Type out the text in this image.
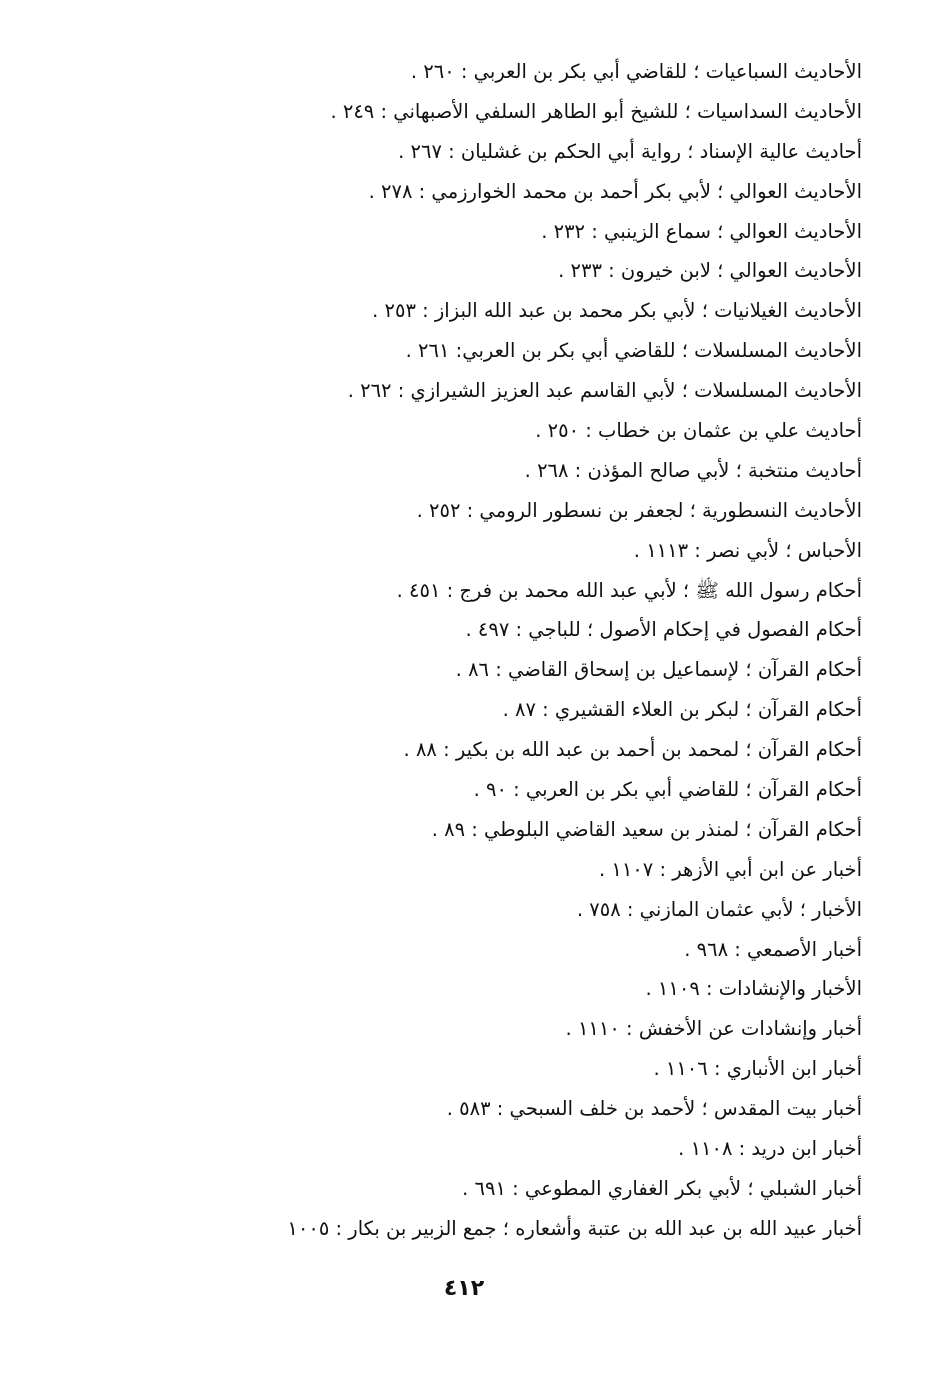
الأحاديث السباعيات ؛ للقاضي أبي بكر بن العربي : ٢٦٠ .
الأحاديث السداسيات ؛ للشيخ أبو الطاهر السلفي الأصبهاني : ٢٤٩ .
أحاديث عالية الإسناد ؛ رواية أبي الحكم بن غشليان : ٢٦٧ .
الأحاديث العوالي ؛ لأبي بكر أحمد بن محمد الخوارزمي : ٢٧٨ .
الأحاديث العوالي ؛ سماع الزينبي : ٢٣٢ .
الأحاديث العوالي ؛ لابن خيرون : ٢٣٣ .
الأحاديث الغيلانيات ؛ لأبي بكر محمد بن عبد الله البزاز : ٢٥٣ .
الأحاديث المسلسلات ؛ للقاضي أبي بكر بن العربي: ٢٦١ .
الأحاديث المسلسلات ؛ لأبي القاسم عبد العزيز الشيرازي : ٢٦٢ .
أحاديث علي بن عثمان بن خطاب : ٢٥٠ .
أحاديث منتخبة ؛ لأبي صالح المؤذن : ٢٦٨ .
الأحاديث النسطورية ؛ لجعفر بن نسطور الرومي : ٢٥٢ .
الأحباس ؛ لأبي نصر : ١١١٣ .
أحكام رسول الله ﷺ ؛ لأبي عبد الله محمد بن فرج : ٤٥١ .
أحكام الفصول في إحكام الأصول ؛ للباجي : ٤٩٧ .
أحكام القرآن ؛ لإسماعيل بن إسحاق القاضي : ٨٦ .
أحكام القرآن ؛ لبكر بن العلاء القشيري : ٨٧ .
أحكام القرآن ؛ لمحمد بن أحمد بن عبد الله بن بكير : ٨٨ .
أحكام القرآن ؛ للقاضي أبي بكر بن العربي : ٩٠ .
أحكام القرآن ؛ لمنذر بن سعيد القاضي البلوطي : ٨٩ .
أخبار عن ابن أبي الأزهر : ١١٠٧ .
الأخبار ؛ لأبي عثمان المازني : ٧٥٨ .
أخبار الأصمعي : ٩٦٨ .
الأخبار والإنشادات : ١١٠٩ .
أخبار وإنشادات عن الأخفش : ١١١٠ .
أخبار ابن الأنباري : ١١٠٦ .
أخبار بيت المقدس ؛ لأحمد بن خلف السبحي : ٥٨٣ .
أخبار ابن دريد : ١١٠٨ .
أخبار الشبلي ؛ لأبي بكر الغفاري المطوعي : ٦٩١ .
أخبار عبيد الله بن عبد الله بن عتبة وأشعاره ؛ جمع الزبير بن بكار : ١٠٠٥
٤١٢
